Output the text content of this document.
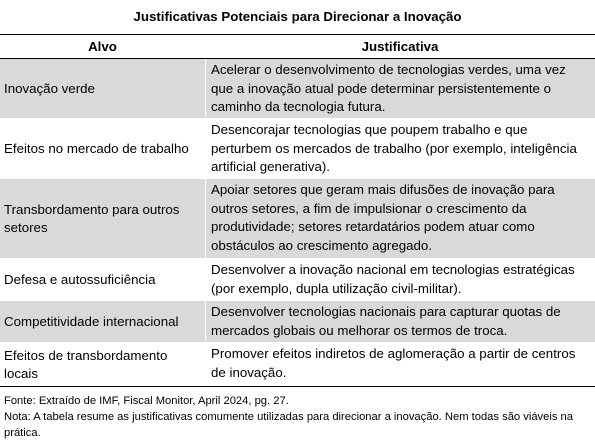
Justificativas Potenciais para Direcionar a Inovação
Alvo	Justificativa
Inovação verde
Acelerar o desenvolvimento de tecnologias verdes, uma vez que a inovação atual pode determinar persistentemente o caminho da tecnologia futura.
Efeitos no mercado de trabalho
Desencorajar tecnologias que poupem trabalho e que perturbem os mercados de trabalho (por exemplo, inteligência artificial generativa).
Transbordamento para outros setores
Apoiar setores que geram mais difusões de inovação para outros setores, a fim de impulsionar o crescimento da produtividade; setores retardatários podem atuar como obstáculos ao crescimento agregado.
Defesa e autossuficiência
Desenvolver a inovação nacional em tecnologias estratégicas (por exemplo, dupla utilização civil-militar).
Competitividade internacional
Desenvolver tecnologias nacionais para capturar quotas de mercados globais ou melhorar os termos de troca.
Efeitos de transbordamento locais
Promover efeitos indiretos de aglomeração a partir de centros de inovação.
Fonte: Extraído de IMF, Fiscal Monitor, April 2024, pg. 27.
Nota: A tabela resume as justificativas comumente utilizadas para direcionar a inovação. Nem todas são viáveis na prática.
